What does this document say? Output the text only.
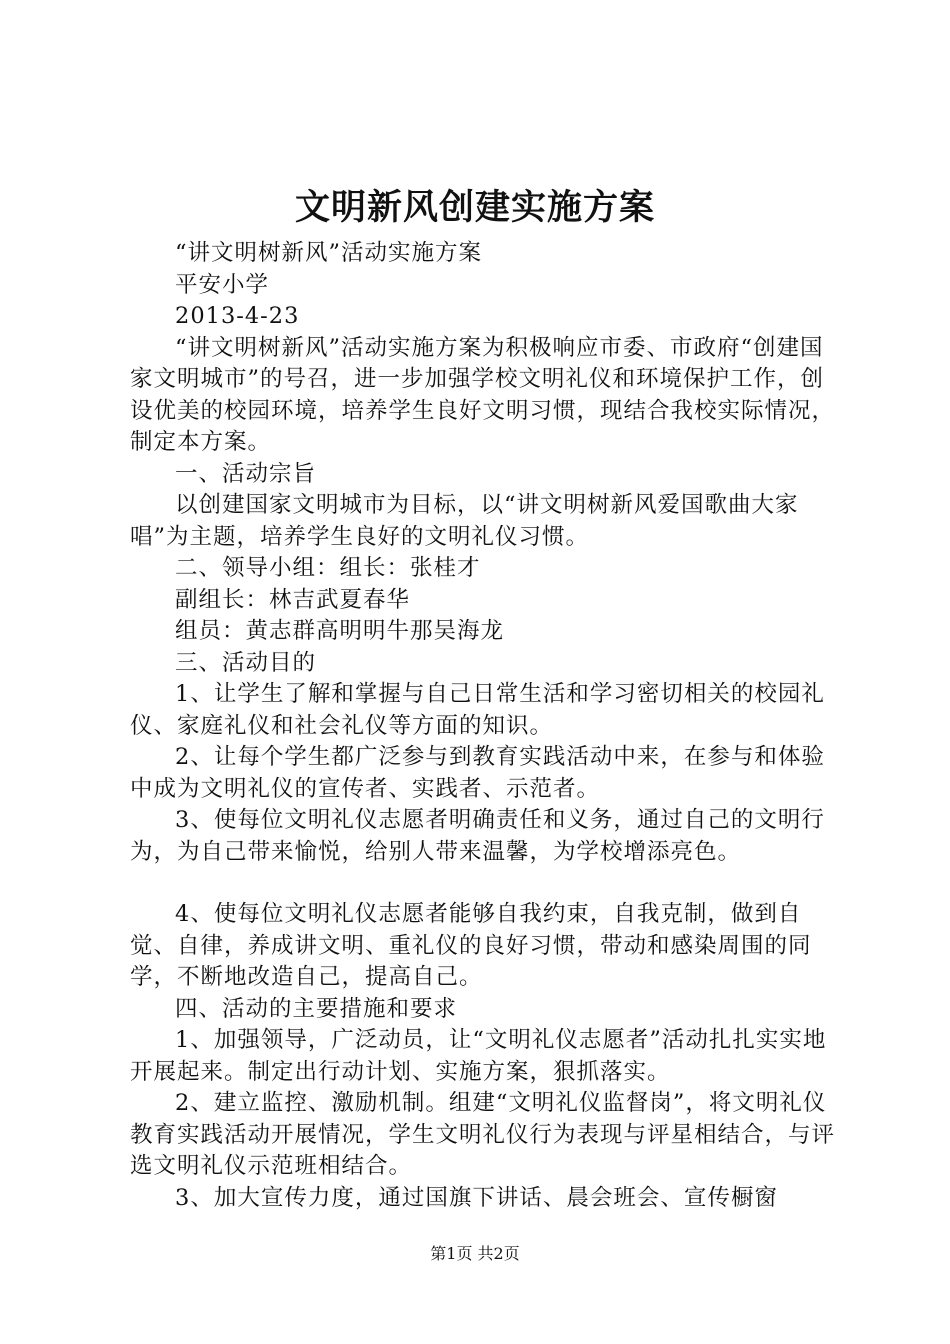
文明新风创建实施方案

“讲文明树新风”活动实施方案

平安小学

2013-4-23

“讲文明树新风”活动实施方案为积极响应市委、市政府“创建国家文明城市”的号召，进一步加强学校文明礼仪和环境保护工作，创设优美的校园环境，培养学生良好文明习惯，现结合我校实际情况，制定本方案。

一、活动宗旨

以创建国家文明城市为目标，以“讲文明树新风爱国歌曲大家唱”为主题，培养学生良好的文明礼仪习惯。

二、领导小组：组长：张桂才

副组长：林吉武夏春华

组员：黄志群高明明牛那吴海龙

三、活动目的

1、让学生了解和掌握与自己日常生活和学习密切相关的校园礼仪、家庭礼仪和社会礼仪等方面的知识。

2、让每个学生都广泛参与到教育实践活动中来，在参与和体验中成为文明礼仪的宣传者、实践者、示范者。

3、使每位文明礼仪志愿者明确责任和义务，通过自己的文明行为，为自己带来愉悦，给别人带来温馨，为学校增添亮色。

4、使每位文明礼仪志愿者能够自我约束，自我克制，做到自觉、自律，养成讲文明、重礼仪的良好习惯，带动和感染周围的同学，不断地改造自己，提高自己。

四、活动的主要措施和要求

1、加强领导，广泛动员，让“文明礼仪志愿者”活动扎扎实实地开展起来。制定出行动计划、实施方案，狠抓落实。

2、建立监控、激励机制。组建“文明礼仪监督岗”，将文明礼仪教育实践活动开展情况，学生文明礼仪行为表现与评星相结合，与评选文明礼仪示范班相结合。

3、加大宣传力度，通过国旗下讲话、晨会班会、宣传橱窗

第1页 共2页
